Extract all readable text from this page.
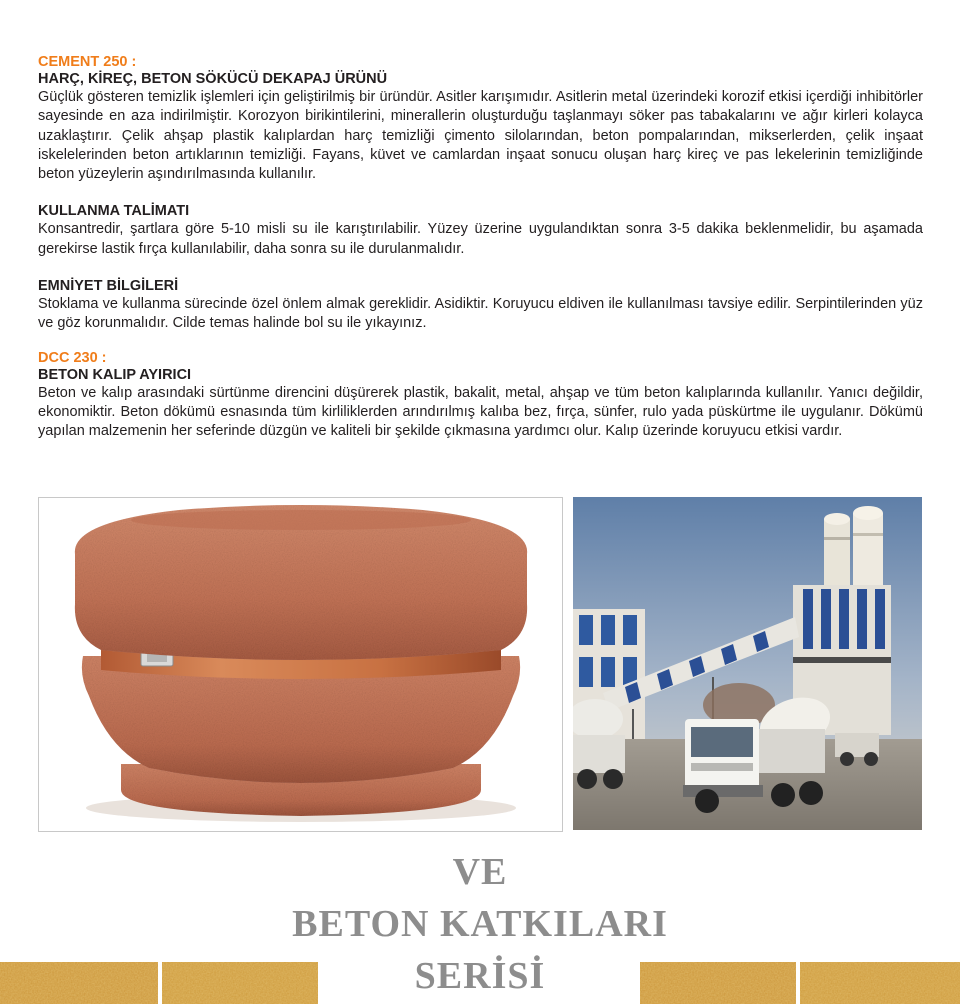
CEMENT 250 :
HARÇ, KİREÇ, BETON SÖKÜCÜ DEKAPAJ ÜRÜNÜ

Güçlük gösteren temizlik işlemleri için geliştirilmiş bir üründür. Asitler karışımıdır. Asitlerin metal üzerindeki korozif etkisi içerdiği inhibitörler sayesinde en aza indirilmiştir. Korozyon birikintilerini, minerallerin oluşturduğu taşlanmayı söker pas tabakalarını ve ağır kirleri kolayca uzaklaştırır. Çelik ahşap plastik kalıplardan harç temizliği çimento silolarından, beton pompalarından, mikserlerden, çelik inşaat iskelelerinden beton artıklarının temizliği. Fayans, küvet ve camlardan inşaat sonucu oluşan harç kireç ve pas lekelerinin temizliğinde beton yüzeylerin aşındırılmasında kullanılır.

KULLANMA TALİMATI

Konsantredir, şartlara göre 5-10 misli su ile karıştırılabilir. Yüzey üzerine uygulandıktan sonra 3-5 dakika beklenmelidir, bu aşamada gerekirse lastik fırça kullanılabilir, daha sonra su ile durulanmalıdır.

EMNİYET BİLGİLERİ

Stoklama ve kullanma sürecinde özel önlem almak gereklidir. Asidiktir. Koruyucu eldiven ile kullanılması tavsiye edilir. Serpintilerinden yüz ve göz korunmalıdır. Cilde temas halinde bol su ile yıkayınız.

DCC 230 :
BETON KALIP AYIRICI

Beton ve kalıp arasındaki sürtünme direncini düşürerek plastik, bakalit, metal, ahşap ve tüm beton kalıplarında kullanılır. Yanıcı değildir, ekonomiktir. Beton dökümü esnasında tüm kirliliklerden arındırılmış kalıba bez, fırça, sünfer, rulo yada püskürtme ile uygulanır. Dökümü yapılan malzemenin her seferinde düzgün ve kaliteli bir şekilde çıkmasına yardımcı olur. Kalıp üzerinde koruyucu etkisi vardır.

VE
BETON KATKILARI
SERİSİ
